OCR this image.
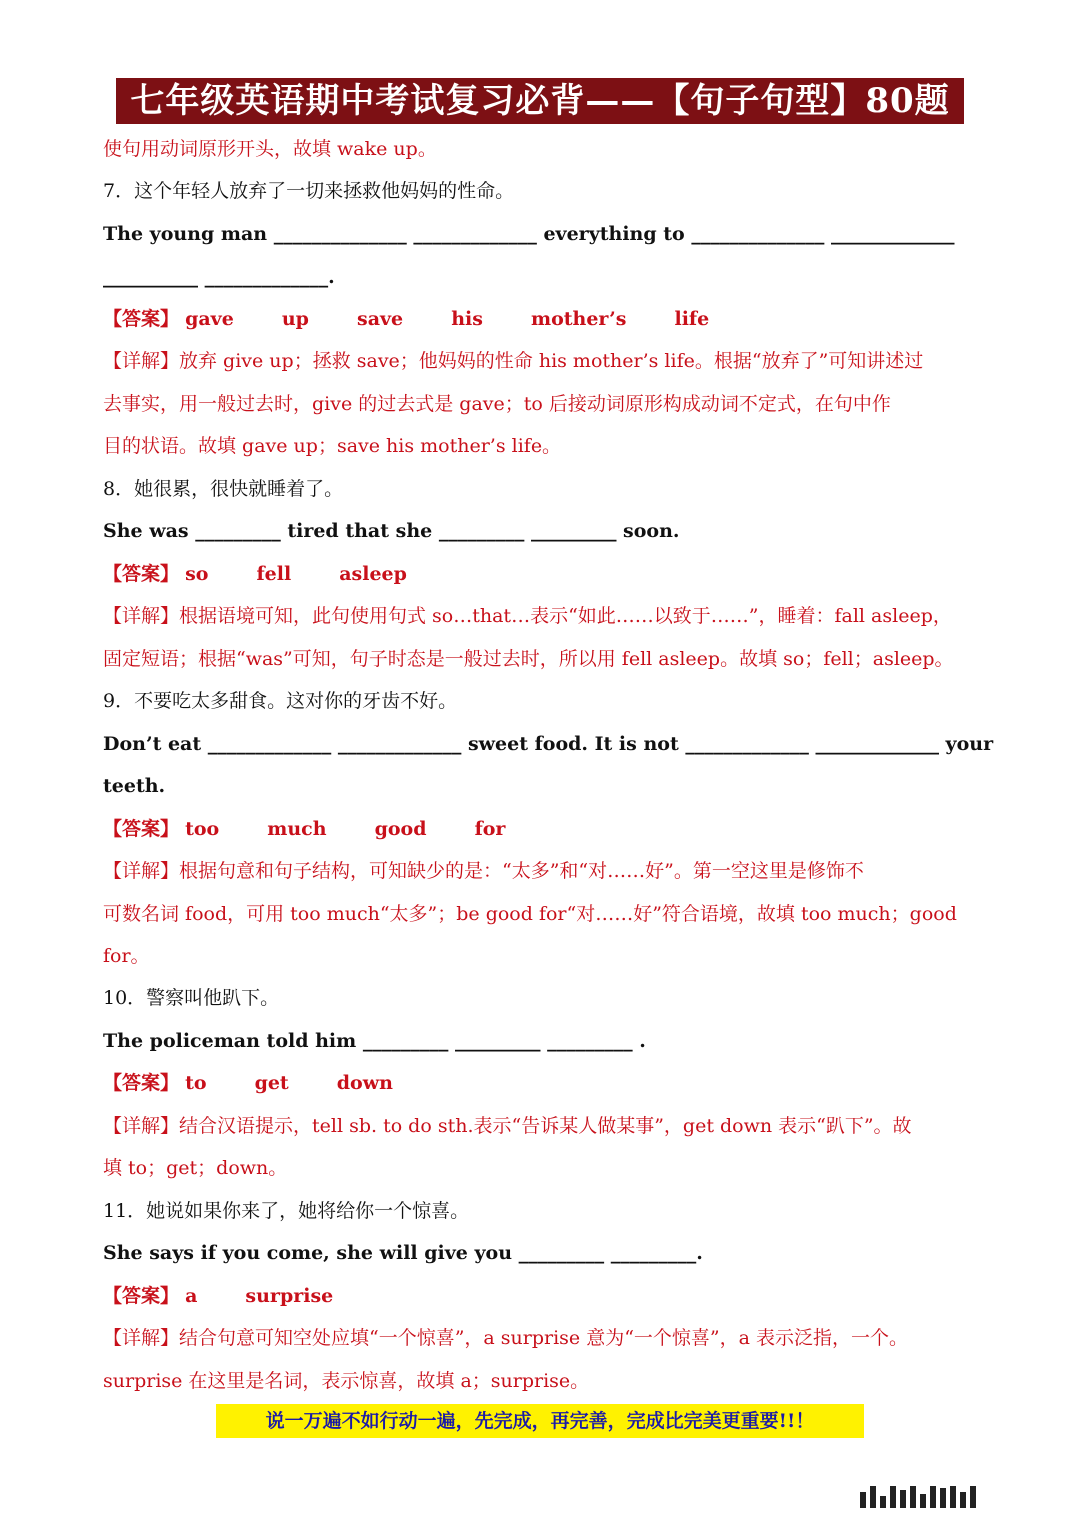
七年级英语期中考试复习必背——【句子句型】80题
使句用动词原形开头，故填 wake up。
7．这个年轻人放弃了一切来拯救他妈妈的性命。
The young man ______________ _____________ everything to ______________ _____________
__________ _____________.
【答案】 gave	up	save	his	mother’s	life
【详解】放弃 give up；拯救 save；他妈妈的性命 his mother’s life。根据“放弃了”可知讲述过
去事实，用一般过去时，give 的过去式是 gave；to 后接动词原形构成动词不定式，在句中作
目的状语。故填 gave up；save his mother’s life。
8．她很累，很快就睡着了。
She was _________ tired that she _________ _________ soon.
【答案】 so	fell	asleep
【详解】根据语境可知，此句使用句式 so…that…表示“如此……以致于……”，睡着：fall asleep，
固定短语；根据“was”可知，句子时态是一般过去时，所以用 fell asleep。故填 so；fell；asleep。
9．不要吃太多甜食。这对你的牙齿不好。
Don’t eat _____________ _____________ sweet food. It is not _____________ _____________ your
teeth.
【答案】 too	much	good	for
【详解】根据句意和句子结构，可知缺少的是：“太多”和“对……好”。第一空这里是修饰不
可数名词 food，可用 too much“太多”；be good for“对……好”符合语境，故填 too much；good
for。
10．警察叫他趴下。
The policeman told him _________ _________ _________ .
【答案】 to	get	down
【详解】结合汉语提示，tell sb. to do sth.表示“告诉某人做某事”，get down 表示“趴下”。故
填 to；get；down。
11．她说如果你来了，她将给你一个惊喜。
She says if you come, she will give you _________ _________.
【答案】 a	surprise
【详解】结合句意可知空处应填“一个惊喜”，a surprise 意为“一个惊喜”，a 表示泛指，一个。
surprise 在这里是名词，表示惊喜，故填 a；surprise。
说一万遍不如行动一遍，先完成，再完善，完成比完美更重要!!！
